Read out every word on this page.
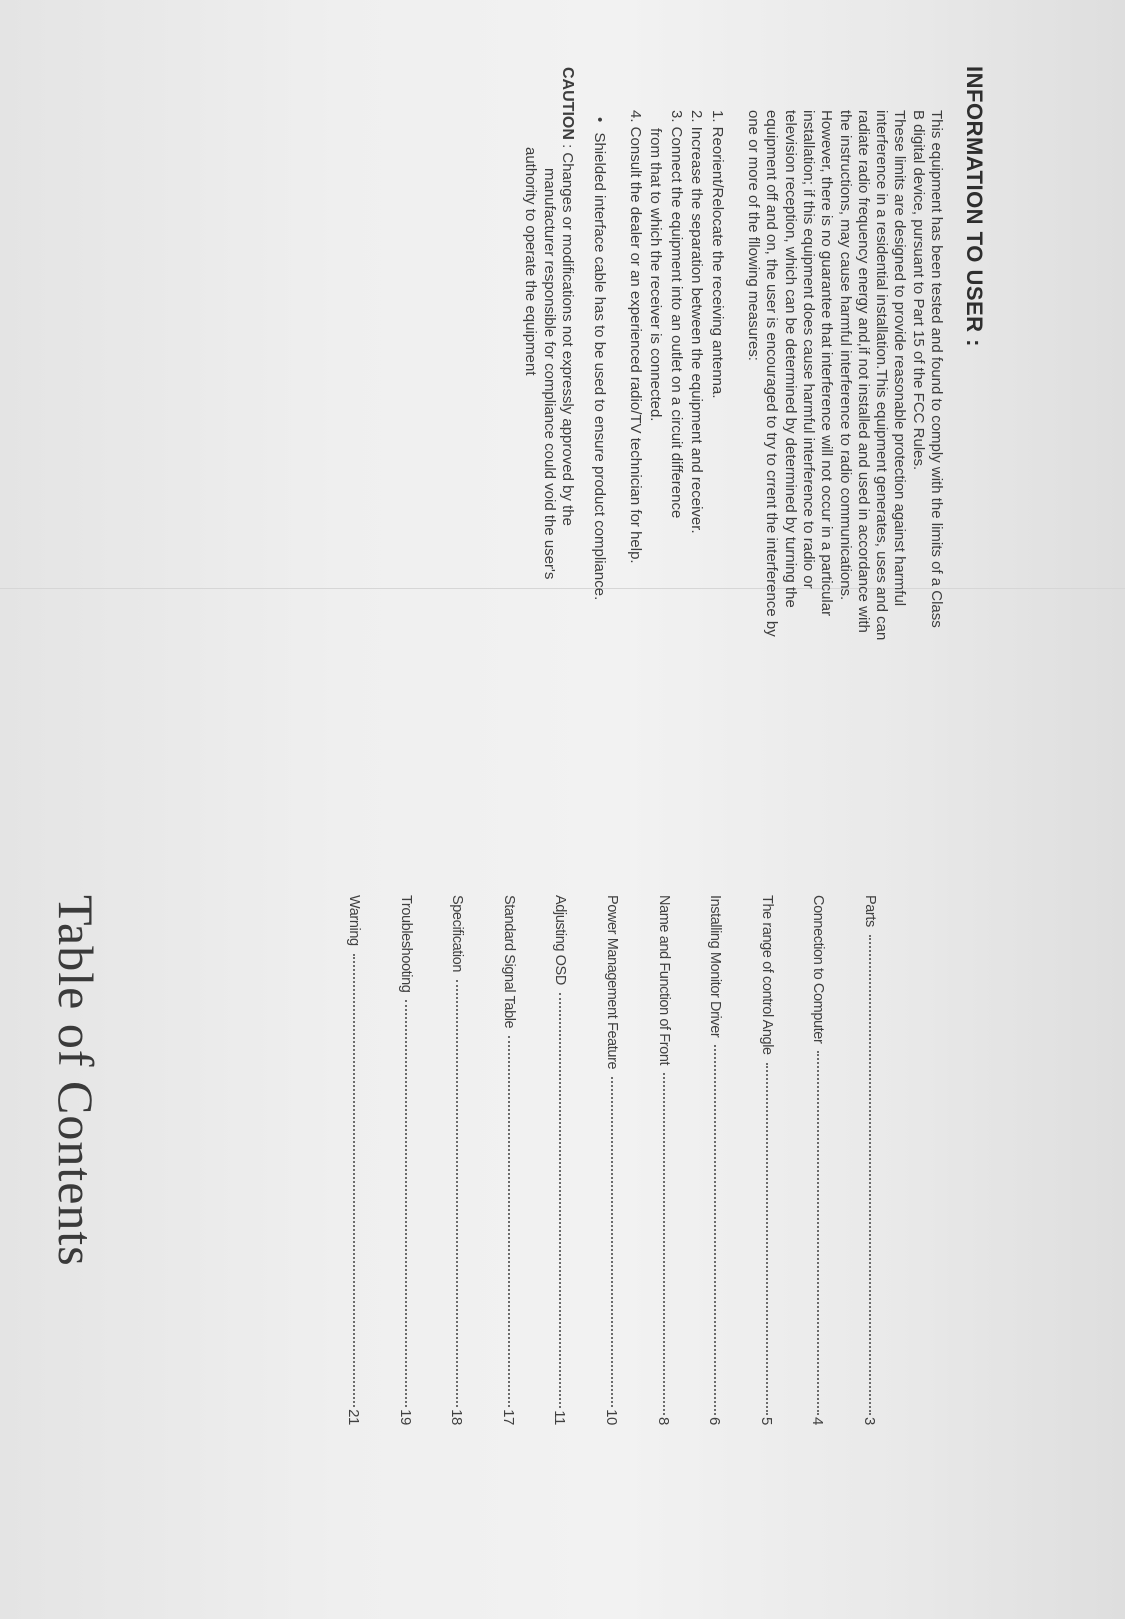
INFORMATION TO USER :
This equipment has been tested and found to comply with the limits of a Class
B digital device, pursuant to Part 15 of the FCC Rules.
These limits are designed to provide reasonable protection against harmful
interference in a residential installation.This equipment generates, uses and can
radiate radio frequency energy and,if not installed and used in accordance with
the instructions, may cause harmful interference to radio communications.
However, there is no guarantee that interference will not occur in a particular
installation; if this equipment does cause harmful interference to radio or
television reception, which can be determined by determined by turning the
equipment off and on, the user is encouraged to try to crrent the interference by
one or more of the fllowing measures:
1. Reorient/Relocate the receiving antenna.
2. Increase the separation between the equipment and receiver.
3. Connect the equipment into an outlet on a circuit difference
from that to which the receiver is connected.
4. Consult the dealer or an experienced radio/TV technician for help.
• Shielded interface cable has to be used to ensure product compliance.
CAUTION : Changes or modifications not expressly approved by the
manufacturer responsible for compliance could void the user's
authority to operate the equipment
Table of Contents	Parts
3
Connection to Computer
4
The range of control Angle
5
Installing Monitor Driver
6
Name and Function of Front
8
Power Management Feature
10
Adjusting OSD
11
Standard Signal Table
17
Specification
18
Troubleshooting
19
Warning
21
